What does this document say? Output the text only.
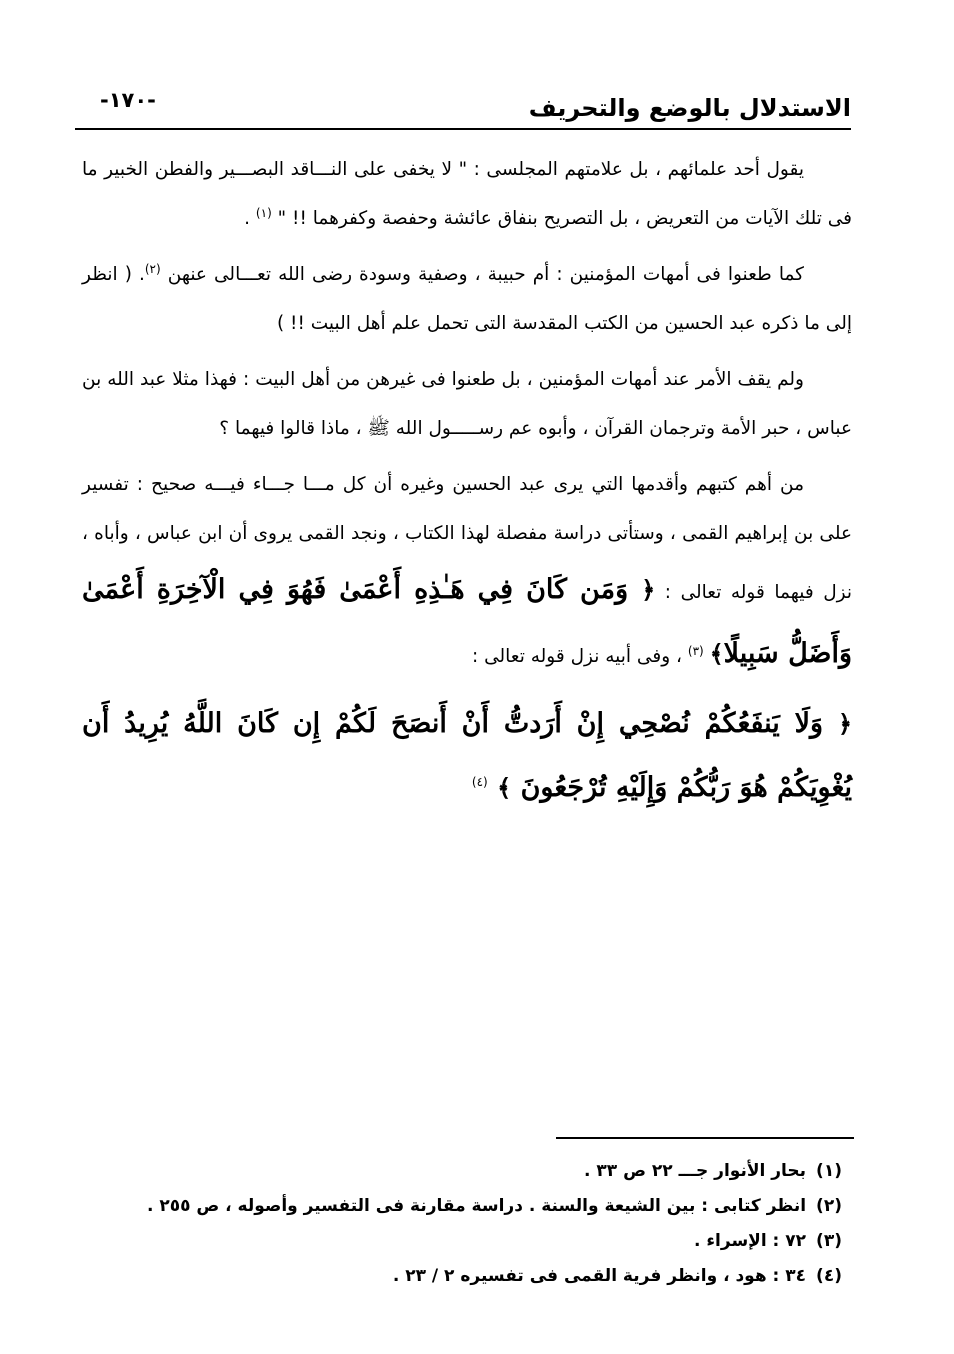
الاستدلال بالوضع والتحريف
-١٧٠-

يقول أحد علمائهم ، بل علامتهم المجلسى : " لا يخفى على النـــاقد البصـــير والفطن الخبير ما فى تلك الآيات من التعريض ، بل التصريح بنفاق عائشة وحفصة وكفرهما !! " $^{(١)}$ .

كما طعنوا فى أمهات المؤمنين : أم حبيبة ، وصفية وسودة رضى الله تعـــالى عنهن $^{(٢)}$. ( انظر إلى ما ذكره عبد الحسين من الكتب المقدسة التى تحمل علم أهل البيت !! )

ولم يقف الأمر عند أمهات المؤمنين ، بل طعنوا فى غيرهن من أهل البيت : فهذا مثلا عبد الله بن عباس ، حبر الأمة وترجمان القرآن ، وأبوه عم رســـــول الله ﷺ ، ماذا قالوا فيهما ؟

من أهم كتبهم وأقدمها التي يرى عبد الحسين وغيره أن كل مـــا جـــاء فيـــه صحيح : تفسير على بن إبراهيم القمى ، وستأتى دراسة مفصلة لهذا الكتاب ، ونجد القمى يروى أن ابن عباس ، وأباه ، نزل فيهما قوله تعالى : ﴿ وَمَن كَانَ فِي هَـٰذِهِ أَعْمَىٰ فَهُوَ فِي الْآخِرَةِ أَعْمَىٰ وَأَضَلُّ سَبِيلًا﴾ $^{(٣)}$ ، وفى أبيه نزل قوله تعالى :

﴿ وَلَا يَنفَعُكُمْ نُصْحِي إِنْ أَرَدتُّ أَنْ أَنصَحَ لَكُمْ إِن كَانَ اللَّهُ يُرِيدُ أَن يُغْوِيَكُمْ هُوَ رَبُّكُمْ وَإِلَيْهِ تُرْجَعُونَ ﴾ $^{(٤)}$

(١)بحار الأنوار جـــ ٢٢ ص ٣٣ .
(٢)انظر كتابى : بين الشيعة والسنة . دراسة مقارنة فى التفسير وأصوله ، ص ٢٥٥ .
(٣)٧٢ : الإسراء .
(٤)٣٤ : هود ، وانظر فرية القمى فى تفسيره ٢ / ٢٣ .
